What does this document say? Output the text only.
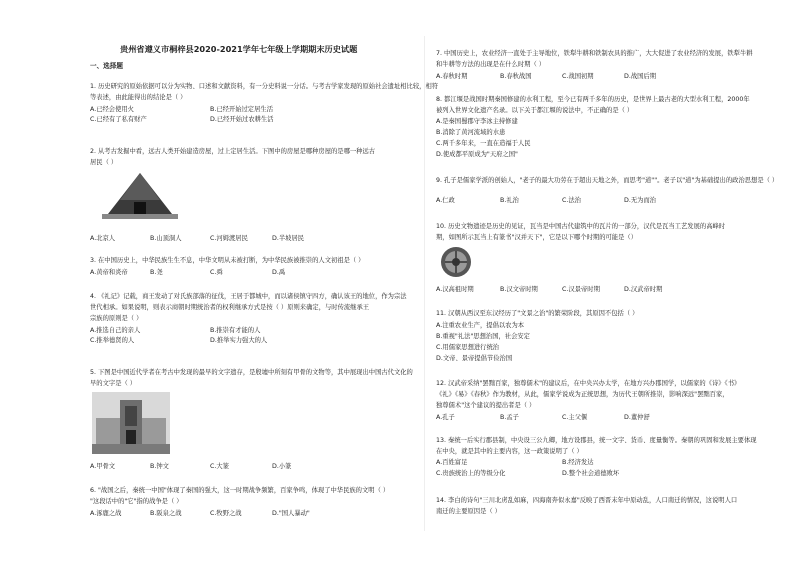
贵州省遵义市桐梓县2020-2021学年七年级上学期期末历史试题
一、选择题
1. 历史研究的原始依据可以分为实物、口述和文献资料，有一分史料说一分话。与考古学家发现的原始社会遗址相比较，相符
等表述，由此能得出的结论是（ ）
A.已经会使用火	B.已经开始过定居生活
C.已经有了私有财产	D.已经开始过农耕生活
2. 从考古发掘中看，远古人类开始建造房屋，过上定居生活。下图中的房屋是哪种房屋的是哪一种远古
居民（ ）
A.北京人	B.山顶洞人	C.河姆渡居民	D.半坡居民
3. 在中国历史上，中华民族生生不息，中华文明从未被打断，为中华民族被推崇的人文初祖是（ ）
A.黄帝和炎帝	B.尧	C.舜	D.禹
4. 《礼记》记载，商王发动了对氏族部落的征伐，王居于都城中，而以诸侯镇守四方，确认该王的地位，作为宗法
世代相承。如果说明，则表示商朝时期统治者的权利继承方式是按（ ）原则来确定，与时传流继承王
宗族的原则是（ ）
A.推选自己的亲人	B.推崇有才能的人
C.推举德贤的人	D.推举实力强大的人
5. 下图是中国近代学者在考古中发现的最早的文字遗存，是殷墟中所刻有甲骨的文物等，其中展现出中国古代文化的
早的文字是（ ）
A.甲骨文	B.钟文	C.大篆	D.小篆
6. "战国之后，秦统一中国"体现了秦国的强大，这一时期战争频繁，百家争鸣，体现了中华民族的文明（ ）
"这段话中的"它"指的战争是（ ）
A.涿鹿之战	B.阪泉之战	C.牧野之战	D."国人暴动"
7. 中国历史上，农业经济一直处于主导地位，铁犁牛耕和铁制农具的推广，大大促进了农业经济的发展，铁犁牛耕
和牛耕等方法的出现是在什么时期（ ）
A.春秋时期	B.春秋战国	C.战国初期	D.战国后期
8. 都江堰是战国时期秦国修建的水利工程，至今已有两千多年的历史，是世界上最古老的大型水利工程，2000年
被列入世界文化遗产名录。以下关于都江堰的说法中，不正确的是（ ）
A.是秦国蜀郡守李冰主持修建
B.消除了黄河流域的水患
C.两千多年来，一直在造福于人民
D.使成都平原成为"天府之国"
9. 孔子是儒家学派的创始人，"老子的最大功劳在于超出天地之外，而思考"道""。老子以"道"为基础提出的政治思想是（ ）
A.仁政	B.礼治	C.法治	D.无为而治
10. 历史文物遗迹是历史的见证，瓦当是中国古代建筑中的瓦片的一部分，汉代是瓦当工艺发展的高峰时
期，如图所示瓦当上有篆书"汉并天下"，它是以下哪个时期的可能是（）
A.汉高祖时期	B.汉文帝时期	C.汉景帝时期	D.汉武帝时期
11. 汉朝从西汉至东汉经历了"文景之治"的繁荣阶段，其原因不包括（ ）
A.注重农业生产，提倡以农为本
B.重视"礼法"思想治国，社会安定
C.用儒家思想进行统治
D.文帝、景帝提倡节俭治国
12. 汉武帝采纳"罢黜百家，独尊儒术"的建议后，在中央兴办太学，在地方兴办郡国学，以儒家的《诗》《书》
《礼》《易》《春秋》作为教材，从此，儒家学说成为正统思想，为历代王朝所推崇，影响深远"罢黜百家，
独尊儒术"这个建议的提出者是（ ）
A.孔子	B.孟子	C.主父偃	D.董仲舒
13. 秦统一后实行郡县制，中央设三公九卿，地方设郡县，统一文字、货币、度量衡等。秦朝的巩固和发展主要体现
在中央，就是其中的主要内容，这一政策说明了（ ）
A.百姓富足	B.经济发达
C.贵族统治上的等级分化	D.整个社会道德败坏
14. 李白的诗句"三川北虏乱如麻，四海南奔似永嘉"反映了西晋末年中原动乱，人口南迁的情况，这说明人口
南迁的主要原因是（ ）
